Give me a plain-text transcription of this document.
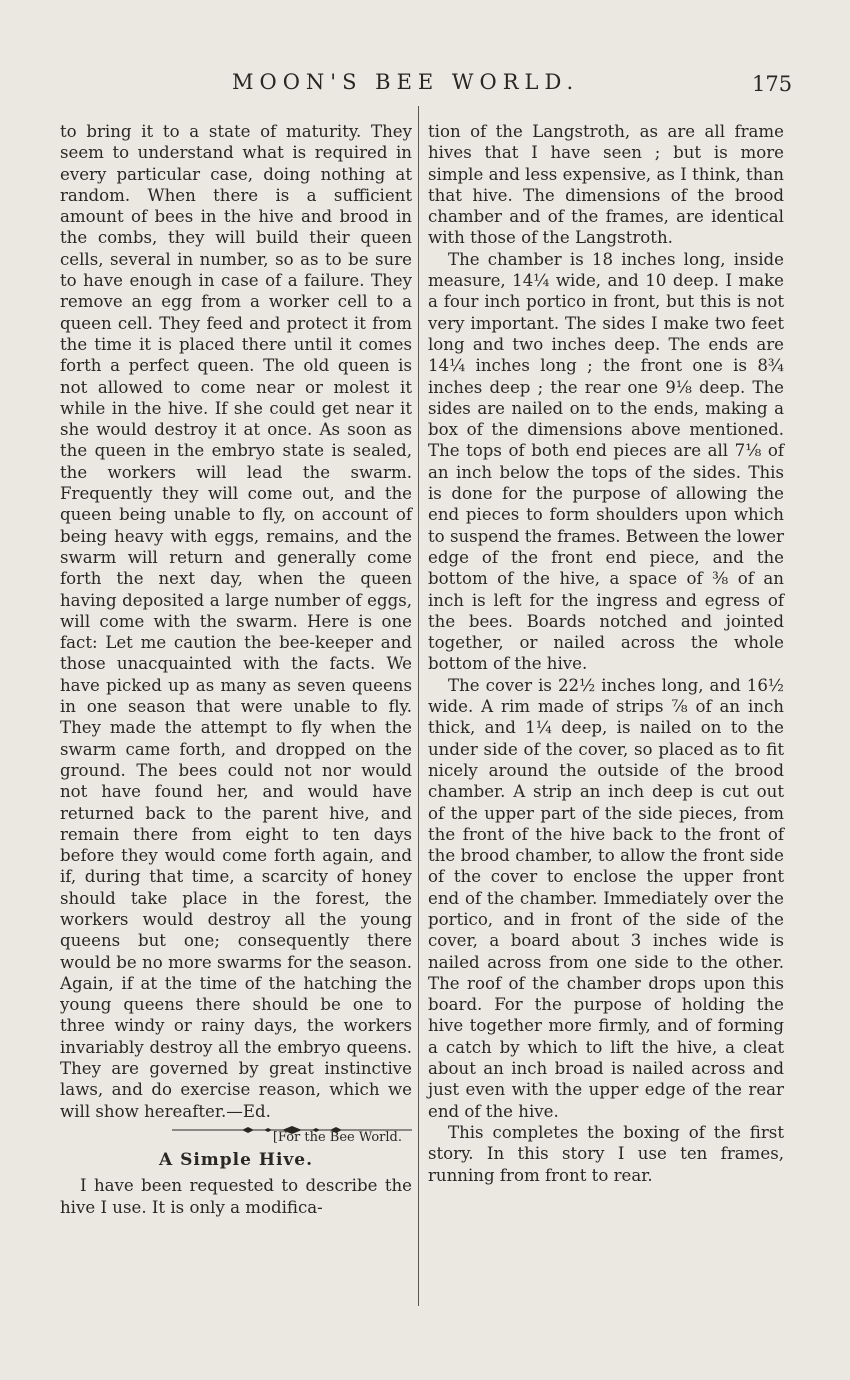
MOON'S BEE WORLD.	175

to bring it to a state of maturity. They seem to understand what is required in every particular case, doing nothing at random. When there is a sufficient amount of bees in the hive and brood in the combs, they will build their queen cells, several in number, so as to be sure to have enough in case of a failure. They remove an egg from a worker cell to a queen cell. They feed and protect it from the time it is placed there until it comes forth a perfect queen. The old queen is not allowed to come near or molest it while in the hive. If she could get near it she would destroy it at once. As soon as the queen in the embryo state is sealed, the workers will lead the swarm. Frequently they will come out, and the queen being unable to fly, on account of being heavy with eggs, remains, and the swarm will return and generally come forth the next day, when the queen having deposited a large number of eggs, will come with the swarm. Here is one fact: Let me caution the bee-keeper and those unacquainted with the facts. We have picked up as many as seven queens in one season that were unable to fly. They made the attempt to fly when the swarm came forth, and dropped on the ground. The bees could not nor would not have found her, and would have returned back to the parent hive, and remain there from eight to ten days before they would come forth again, and if, during that time, a scarcity of honey should take place in the forest, the workers would destroy all the young queens but one; consequently there would be no more swarms for the season. Again, if at the time of the hatching the young queens there should be one to three windy or rainy days, the workers invariably destroy all the embryo queens. They are governed by great instinctive laws, and do exercise reason, which we will show hereafter.—Ed.

[For the Bee World.
A Simple Hive.

I have been requested to describe the hive I use. It is only a modifica-

tion of the Langstroth, as are all frame hives that I have seen ; but is more simple and less expensive, as I think, than that hive. The dimensions of the brood chamber and of the frames, are identical with those of the Langstroth.

The chamber is 18 inches long, inside measure, 14¼ wide, and 10 deep. I make a four inch portico in front, but this is not very important. The sides I make two feet long and two inches deep. The ends are 14¼ inches long ; the front one is 8¾ inches deep ; the rear one 9⅛ deep. The sides are nailed on to the ends, making a box of the dimensions above mentioned. The tops of both end pieces are all 7⅛ of an inch below the tops of the sides. This is done for the purpose of allowing the end pieces to form shoulders upon which to suspend the frames. Between the lower edge of the front end piece, and the bottom of the hive, a space of ⅜ of an inch is left for the ingress and egress of the bees. Boards notched and jointed together, or nailed across the whole bottom of the hive.

The cover is 22½ inches long, and 16½ wide. A rim made of strips ⅞ of an inch thick, and 1¼ deep, is nailed on to the under side of the cover, so placed as to fit nicely around the outside of the brood chamber. A strip an inch deep is cut out of the upper part of the side pieces, from the front of the hive back to the front of the brood chamber, to allow the front side of the cover to enclose the upper front end of the chamber. Immediately over the portico, and in front of the side of the cover, a board about 3 inches wide is nailed across from one side to the other. The roof of the chamber drops upon this board. For the purpose of holding the hive together more firmly, and of forming a catch by which to lift the hive, a cleat about an inch broad is nailed across and just even with the upper edge of the rear end of the hive.

This completes the boxing of the first story. In this story I use ten frames, running from front to rear.
